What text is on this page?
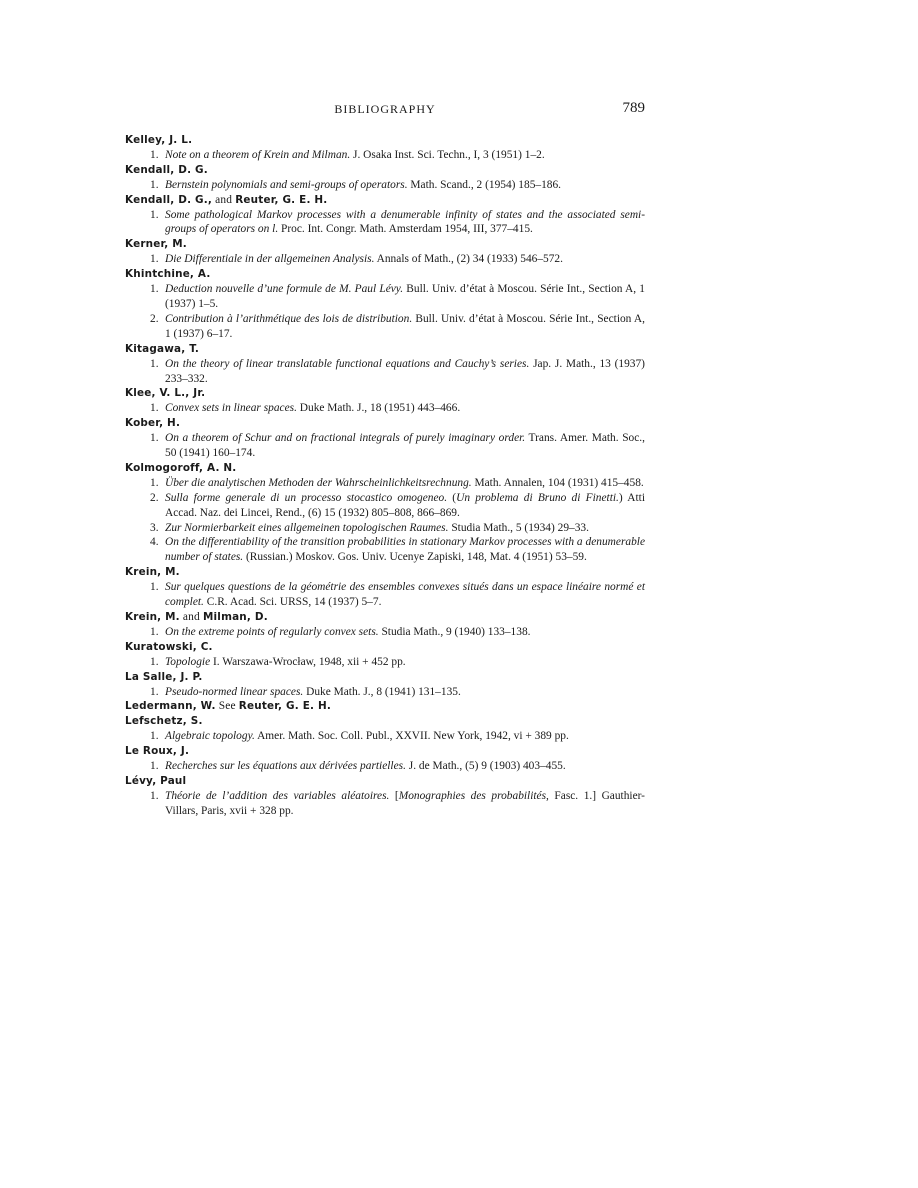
BIBLIOGRAPHY	789
Kelley, J. L.
1. Note on a theorem of Krein and Milman. J. Osaka Inst. Sci. Techn., I, 3 (1951) 1–2.
Kendall, D. G.
1. Bernstein polynomials and semi-groups of operators. Math. Scand., 2 (1954) 185–186.
Kendall, D. G., and Reuter, G. E. H.
1. Some pathological Markov processes with a denumerable infinity of states and the associated semi-groups of operators on l. Proc. Int. Congr. Math. Amsterdam 1954, III, 377–415.
Kerner, M.
1. Die Differentiale in der allgemeinen Analysis. Annals of Math., (2) 34 (1933) 546–572.
Khintchine, A.
1. Deduction nouvelle d’une formule de M. Paul Lévy. Bull. Univ. d’état à Moscou. Série Int., Section A, 1 (1937) 1–5.
2. Contribution à l’arithmétique des lois de distribution. Bull. Univ. d’état à Moscou. Série Int., Section A, 1 (1937) 6–17.
Kitagawa, T.
1. On the theory of linear translatable functional equations and Cauchy’s series. Jap. J. Math., 13 (1937) 233–332.
Klee, V. L., Jr.
1. Convex sets in linear spaces. Duke Math. J., 18 (1951) 443–466.
Kober, H.
1. On a theorem of Schur and on fractional integrals of purely imaginary order. Trans. Amer. Math. Soc., 50 (1941) 160–174.
Kolmogoroff, A. N.
1. Über die analytischen Methoden der Wahrscheinlichkeitsrechnung. Math. Annalen, 104 (1931) 415–458.
2. Sulla forme generale di un processo stocastico omogeneo. (Un problema di Bruno di Finetti.) Atti Accad. Naz. dei Lincei, Rend., (6) 15 (1932) 805–808, 866–869.
3. Zur Normierbarkeit eines allgemeinen topologischen Raumes. Studia Math., 5 (1934) 29–33.
4. On the differentiability of the transition probabilities in stationary Markov processes with a denumerable number of states. (Russian.) Moskov. Gos. Univ. Ucenye Zapiski, 148, Mat. 4 (1951) 53–59.
Krein, M.
1. Sur quelques questions de la géométrie des ensembles convexes situés dans un espace linéaire normé et complet. C.R. Acad. Sci. URSS, 14 (1937) 5–7.
Krein, M. and Milman, D.
1. On the extreme points of regularly convex sets. Studia Math., 9 (1940) 133–138.
Kuratowski, C.
1. Topologie I. Warszawa-Wrocław, 1948, xii + 452 pp.
La Salle, J. P.
1. Pseudo-normed linear spaces. Duke Math. J., 8 (1941) 131–135.
Ledermann, W. See Reuter, G. E. H.
Lefschetz, S.
1. Algebraic topology. Amer. Math. Soc. Coll. Publ., XXVII. New York, 1942, vi + 389 pp.
Le Roux, J.
1. Recherches sur les équations aux dérivées partielles. J. de Math., (5) 9 (1903) 403–455.
Lévy, Paul
1. Théorie de l’addition des variables aléatoires. [Monographies des probabilités, Fasc. 1.] Gauthier-Villars, Paris, xvii + 328 pp.
